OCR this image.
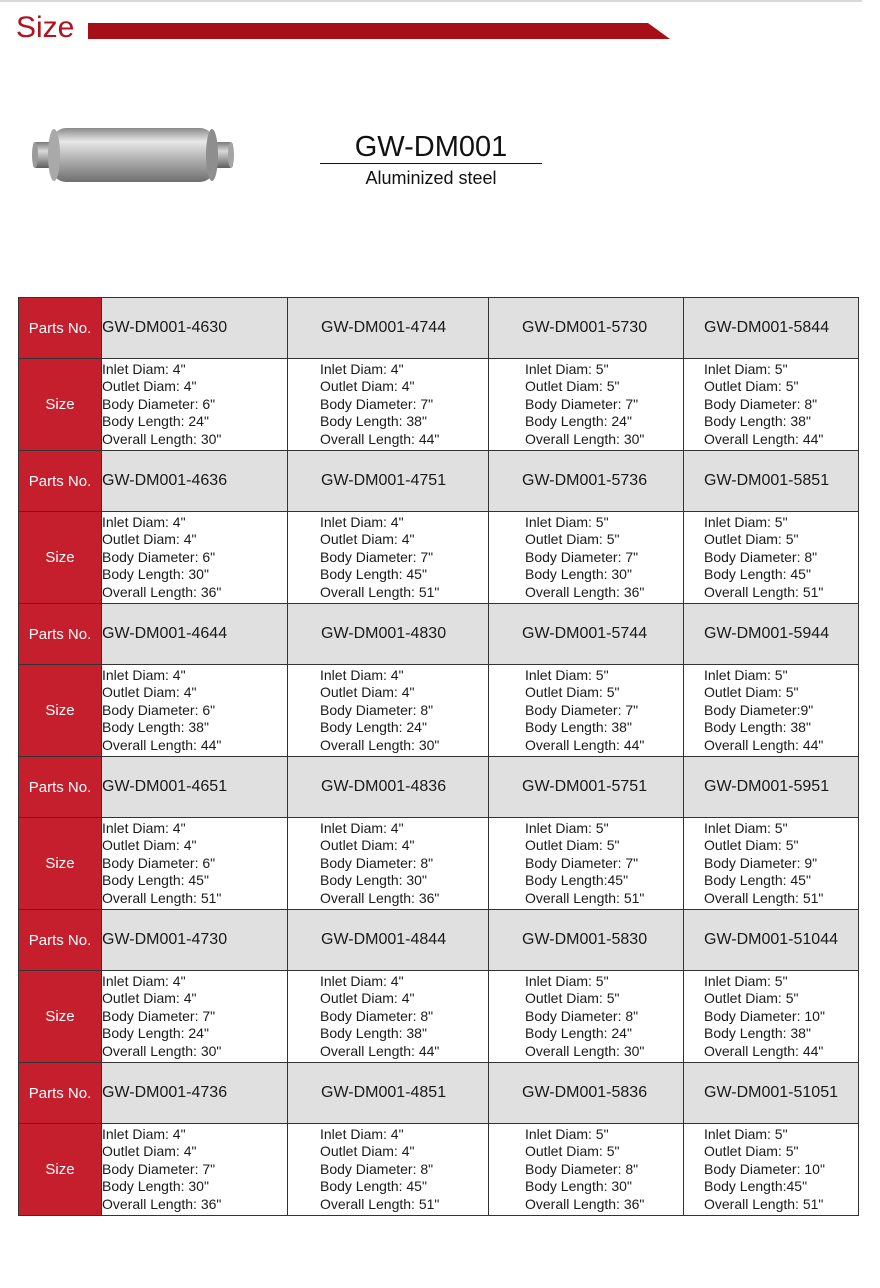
Size
GW-DM001
Aluminized steel
Parts No.	GW-DM001-4630	GW-DM001-4744	GW-DM001-5730	GW-DM001-5844
Size	Inlet Diam: 4"
Outlet Diam: 4"
Body Diameter: 6"
Body Length: 24"
Overall Length: 30"	Inlet Diam: 4"
Outlet Diam: 4"
Body Diameter: 7"
Body Length: 38"
Overall Length: 44"	Inlet Diam: 5"
Outlet Diam: 5"
Body Diameter: 7"
Body Length: 24"
Overall Length: 30"	Inlet Diam: 5"
Outlet Diam: 5"
Body Diameter: 8"
Body Length: 38"
Overall Length: 44"

Parts No.	GW-DM001-4636	GW-DM001-4751	GW-DM001-5736	GW-DM001-5851
Size	Inlet Diam: 4"
Outlet Diam: 4"
Body Diameter: 6"
Body Length: 30"
Overall Length: 36"	Inlet Diam: 4"
Outlet Diam: 4"
Body Diameter: 7"
Body Length: 45"
Overall Length: 51"	Inlet Diam: 5"
Outlet Diam: 5"
Body Diameter: 7"
Body Length: 30"
Overall Length: 36"	Inlet Diam: 5"
Outlet Diam: 5"
Body Diameter: 8"
Body Length: 45"
Overall Length: 51"

Parts No.	GW-DM001-4644	GW-DM001-4830	GW-DM001-5744	GW-DM001-5944
Size	Inlet Diam: 4"
Outlet Diam: 4"
Body Diameter: 6"
Body Length: 38"
Overall Length: 44"	Inlet Diam: 4"
Outlet Diam: 4"
Body Diameter: 8"
Body Length: 24"
Overall Length: 30"	Inlet Diam: 5"
Outlet Diam: 5"
Body Diameter: 7"
Body Length: 38"
Overall Length: 44"	Inlet Diam: 5"
Outlet Diam: 5"
Body Diameter:9"
Body Length: 38"
Overall Length: 44"

Parts No.	GW-DM001-4651	GW-DM001-4836	GW-DM001-5751	GW-DM001-5951
Size	Inlet Diam: 4"
Outlet Diam: 4"
Body Diameter: 6"
Body Length: 45"
Overall Length: 51"	Inlet Diam: 4"
Outlet Diam: 4"
Body Diameter: 8"
Body Length: 30"
Overall Length: 36"	Inlet Diam: 5"
Outlet Diam: 5"
Body Diameter: 7"
Body Length:45"
Overall Length: 51"	Inlet Diam: 5"
Outlet Diam: 5"
Body Diameter: 9"
Body Length: 45"
Overall Length: 51"

Parts No.	GW-DM001-4730	GW-DM001-4844	GW-DM001-5830	GW-DM001-51044
Size	Inlet Diam: 4"
Outlet Diam: 4"
Body Diameter: 7"
Body Length: 24"
Overall Length: 30"	Inlet Diam: 4"
Outlet Diam: 4"
Body Diameter: 8"
Body Length: 38"
Overall Length: 44"	Inlet Diam: 5"
Outlet Diam: 5"
Body Diameter: 8"
Body Length: 24"
Overall Length: 30"	Inlet Diam: 5"
Outlet Diam: 5"
Body Diameter: 10"
Body Length: 38"
Overall Length: 44"

Parts No.	GW-DM001-4736	GW-DM001-4851	GW-DM001-5836	GW-DM001-51051
Size	Inlet Diam: 4"
Outlet Diam: 4"
Body Diameter: 7"
Body Length: 30"
Overall Length: 36"	Inlet Diam: 4"
Outlet Diam: 4"
Body Diameter: 8"
Body Length: 45"
Overall Length: 51"	Inlet Diam: 5"
Outlet Diam: 5"
Body Diameter: 8"
Body Length: 30"
Overall Length: 36"	Inlet Diam: 5"
Outlet Diam: 5"
Body Diameter: 10"
Body Length:45"
Overall Length: 51"
